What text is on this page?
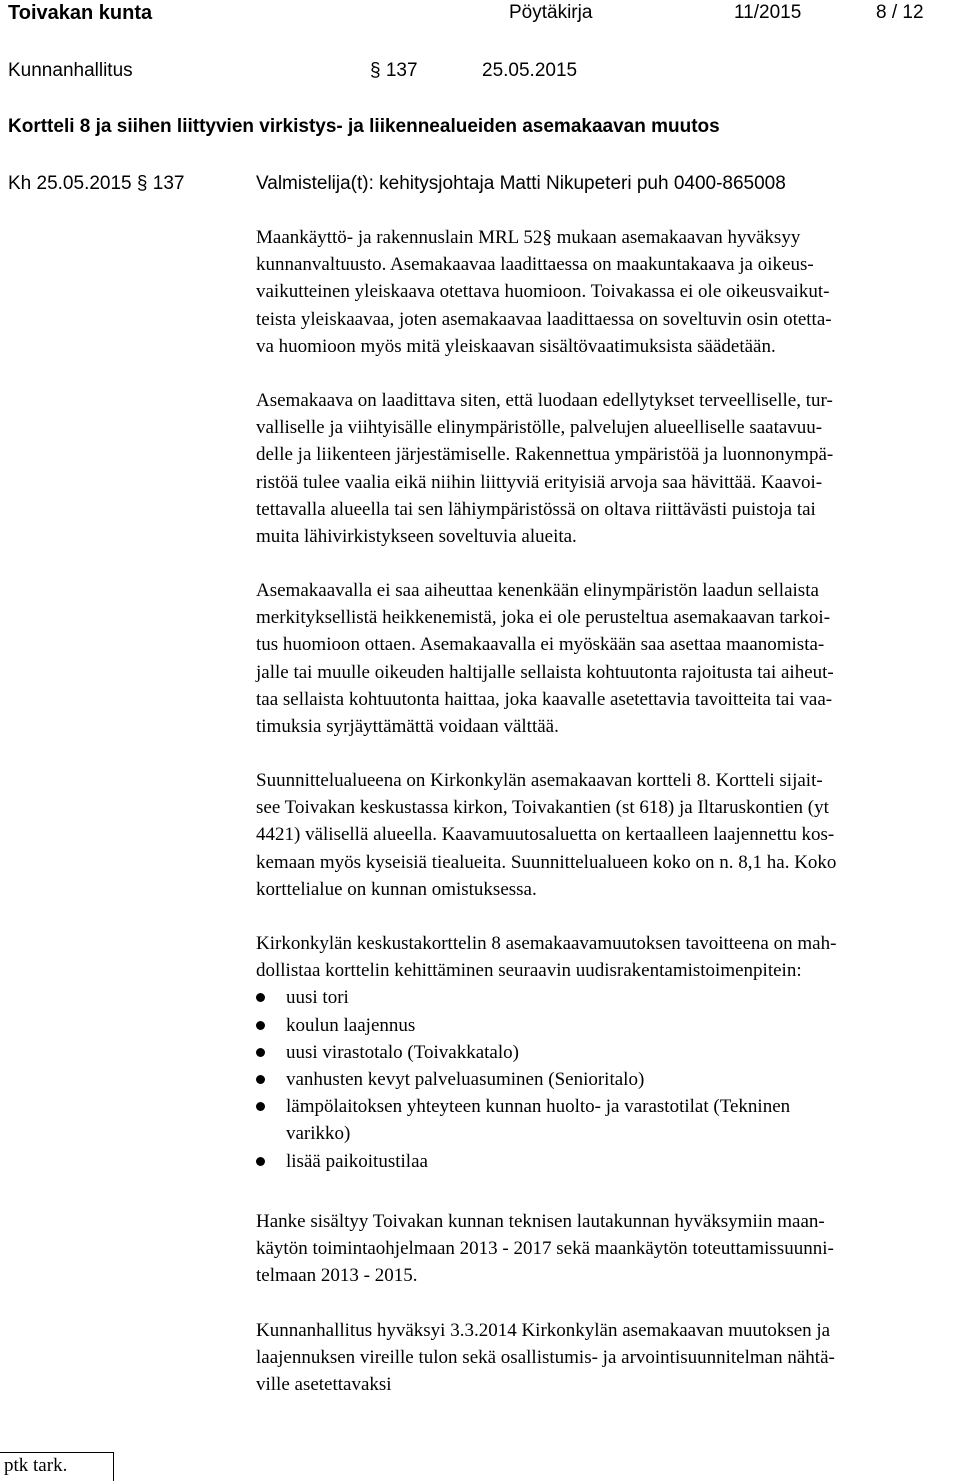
Toivakan kunta	Pöytäkirja	11/2015	8 / 12
Kunnanhallitus	§ 137	25.05.2015
Kortteli 8 ja siihen liittyvien virkistys- ja liikennealueiden asemakaavan muutos
Kh 25.05.2015 § 137	Valmistelija(t): kehitysjohtaja Matti Nikupeteri puh 0400-865008
Maankäyttö- ja rakennuslain MRL 52§ mukaan asemakaavan hyväksyy
kunnanvaltuusto. Asemakaavaa laadittaessa on maakuntakaava ja oikeus-
vaikutteinen yleiskaava otettava huomioon. Toivakassa ei ole oikeusvaikut-
teista yleiskaavaa, joten asemakaavaa laadittaessa on soveltuvin osin otetta-
va huomioon myös mitä yleiskaavan sisältövaatimuksista säädetään.
Asemakaava on laadittava siten, että luodaan edellytykset terveelliselle, tur-
valliselle ja viihtyisälle elinympäristölle, palvelujen alueelliselle saatavuu-
delle ja liikenteen järjestämiselle. Rakennettua ympäristöä ja luonnonympä-
ristöä tulee vaalia eikä niihin liittyviä erityisiä arvoja saa hävittää. Kaavoi-
tettavalla alueella tai sen lähiympäristössä on oltava riittävästi puistoja tai
muita lähivirkistykseen soveltuvia alueita.
Asemakaavalla ei saa aiheuttaa kenenkään elinympäristön laadun sellaista
merkityksellistä heikkenemistä, joka ei ole perusteltua asemakaavan tarkoi-
tus huomioon ottaen. Asemakaavalla ei myöskään saa asettaa maanomista-
jalle tai muulle oikeuden haltijalle sellaista kohtuutonta rajoitusta tai aiheut-
taa sellaista kohtuutonta haittaa, joka kaavalle asetettavia tavoitteita tai vaa-
timuksia syrjäyttämättä voidaan välttää.
Suunnittelualueena on Kirkonkylän asemakaavan kortteli 8. Kortteli sijait-
see Toivakan keskustassa kirkon, Toivakantien (st 618) ja Iltaruskontien (yt
4421) välisellä alueella. Kaavamuutosaluetta on kertaalleen laajennettu kos-
kemaan myös kyseisiä tiealueita. Suunnittelualueen koko on n. 8,1 ha. Koko
korttelialue on kunnan omistuksessa.
Kirkonkylän keskustakorttelin 8 asemakaavamuutoksen tavoitteena on mah-
dollistaa korttelin kehittäminen seuraavin uudisrakentamistoimenpitein:
uusi tori
koulun laajennus
uusi virastotalo (Toivakkatalo)
vanhusten kevyt palveluasuminen (Senioritalo)
lämpölaitoksen yhteyteen kunnan huolto- ja varastotilat (Tekninen
varikko)
lisää paikoitustilaa
Hanke sisältyy Toivakan kunnan teknisen lautakunnan hyväksymiin maan-
käytön toimintaohjelmaan 2013 - 2017 sekä maankäytön toteuttamissuunni-
telmaan 2013 - 2015.
Kunnanhallitus hyväksyi 3.3.2014 Kirkonkylän asemakaavan muutoksen ja
laajennuksen vireille tulon sekä osallistumis- ja arvointisuunnitelman nähtä-
ville asetettavaksi
ptk tark.
